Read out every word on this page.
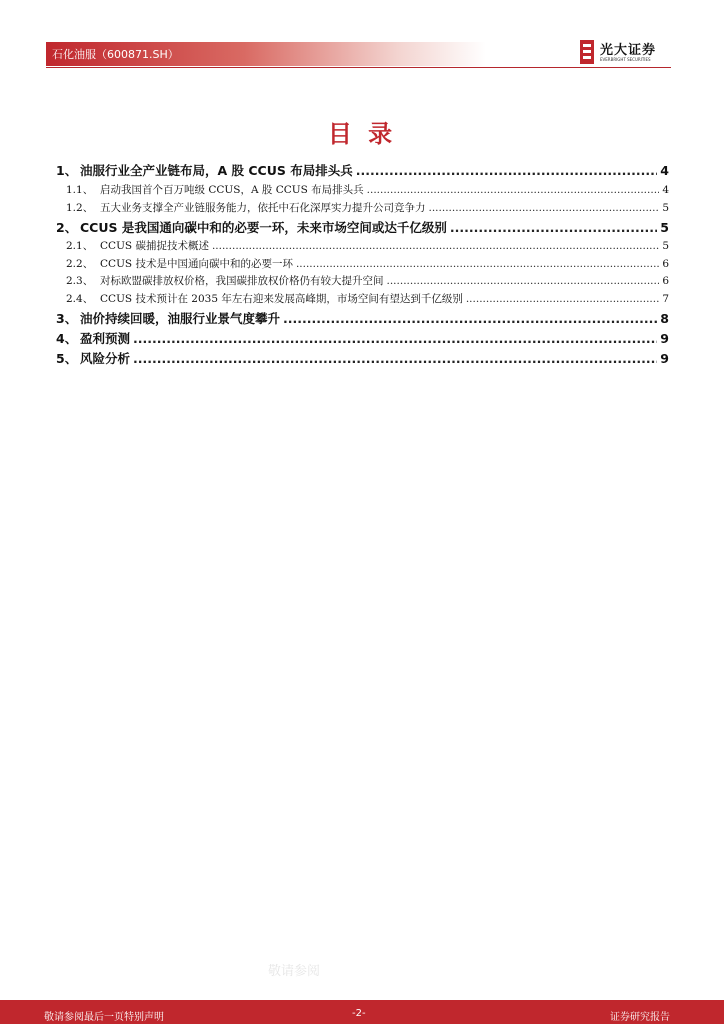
石化油服（600871.SH）	光大证券
EVERBRIGHT SECURITIES
目 录
1、 油服行业全产业链布局，A 股 CCUS 布局排头兵 .....	4
1.1、 启动我国首个百万吨级 CCUS，A 股 CCUS 布局排头兵 .....	4
1.2、 五大业务支撑全产业链服务能力，依托中石化深厚实力提升公司竞争力 .....	5
2、 CCUS 是我国通向碳中和的必要一环，未来市场空间或达千亿级别 .....	5
2.1、 CCUS 碳捕捉技术概述 .....	5
2.2、 CCUS 技术是中国通向碳中和的必要一环 .....	6
2.3、 对标欧盟碳排放权价格，我国碳排放权价格仍有较大提升空间 .....	6
2.4、 CCUS 技术预计在 2035 年左右迎来发展高峰期，市场空间有望达到千亿级别 .....	7
3、 油价持续回暖，油服行业景气度攀升 .....	8
4、 盈利预测 .....	9
5、 风险分析 .....	9
敬请参阅
敬请参阅最后一页特别声明	-2-	证券研究报告
